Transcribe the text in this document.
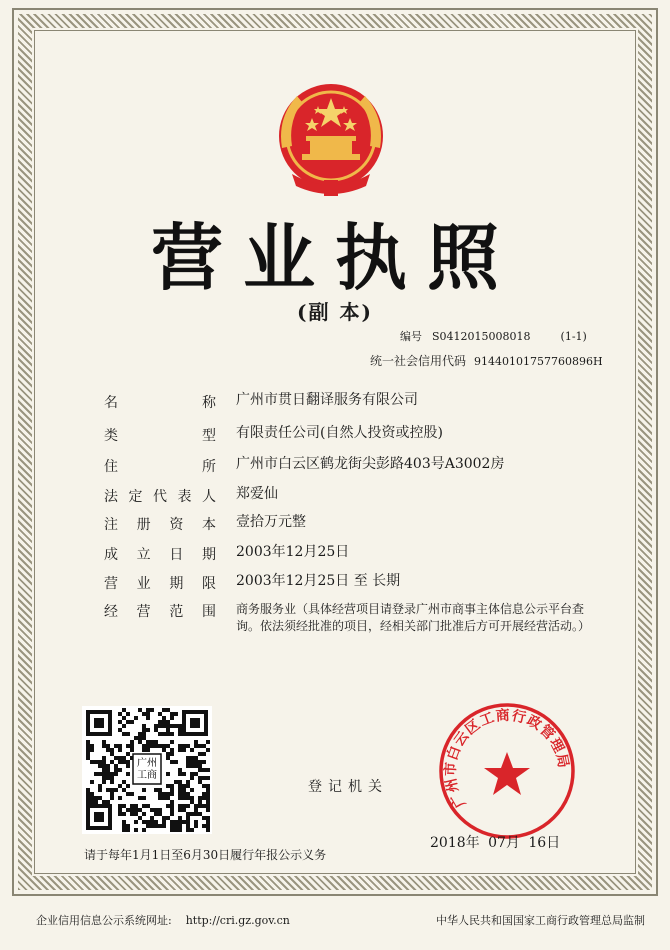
营业执照
(副 本)
编号 S0412015008018	(1-1)
统一社会信用代码 91440101757760896H
名	称 广州市贯日翻译服务有限公司
类	型 有限责任公司(自然人投资或控股)
住	所 广州市白云区鹤龙街尖彭路403号A3002房
法 定 代 表 人 郑爱仙
注 册 资 本 壹拾万元整
成 立 日 期 2003年12月25日
营 业 期 限 2003年12月25日 至 长期
经 营 范 围 商务服务业（具体经营项目请登录广州市商事主体信息公示平台查询。依法须经批准的项目，经相关部门批准后方可开展经营活动。）
广州
工商
登记机关
广州市白云区工商行政管理局
2018年 07月 16日
请于每年1月1日至6月30日履行年报公示义务
企业信用信息公示系统网址: http://cri.gz.gov.cn	中华人民共和国国家工商行政管理总局监制
